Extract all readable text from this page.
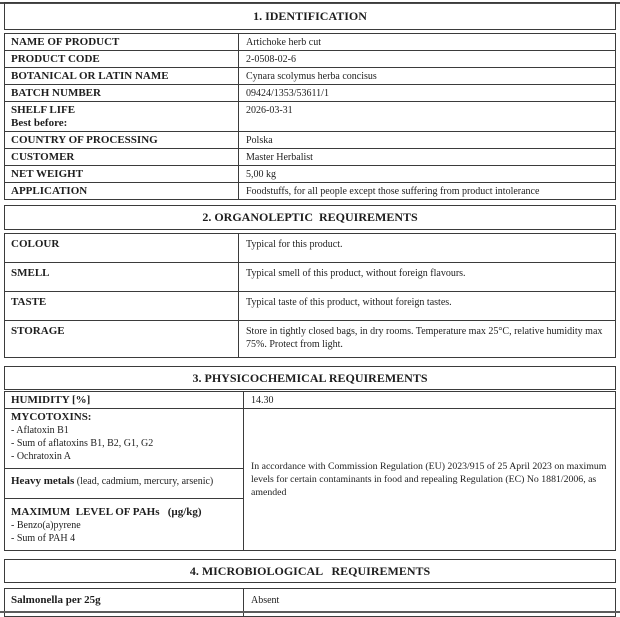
1. IDENTIFICATION
NAME OF PRODUCT	Artichoke herb cut
PRODUCT CODE	2-0508-02-6
BOTANICAL OR LATIN NAME	Cynara scolymus herba concisus
BATCH NUMBER	09424/1353/53611/1

SHELF LIFE
Best before:	2026-03-31
COUNTRY OF PROCESSING	Polska
CUSTOMER	Master Herbalist
NET WEIGHT	5,00 kg
APPLICATION	Foodstuffs, for all people except those suffering from product intolerance
2. ORGANOLEPTIC  REQUIREMENTS
COLOUR	Typical for this product.
SMELL	Typical smell of this product, without foreign flavours.
TASTE	Typical taste of this product, without foreign tastes.
STORAGE	Store in tightly closed bags, in dry rooms. Temperature max 25°C, relative humidity max 75%. Protect from light.
3. PHYSICOCHEMICAL REQUIREMENTS
HUMIDITY [%]	14.30

MYCOTOXINS:
- Aflatoxin B1
- Sum of aflatoxins B1, B2, G1, G2
- Ochratoxin A	In accordance with Commission Regulation (EU) 2023/915 of 25 April 2023 on maximum levels for certain contaminants in food and repealing Regulation (EC) No 1881/2006, as amended
Heavy metals (lead, cadmium, mercury, arsenic)	

MAXIMUM  LEVEL OF PAHs   (µg/kg)
- Benzo(a)pyrene
- Sum of PAH 4	
4. MICROBIOLOGICAL   REQUIREMENTS
Salmonella per 25g	Absent
